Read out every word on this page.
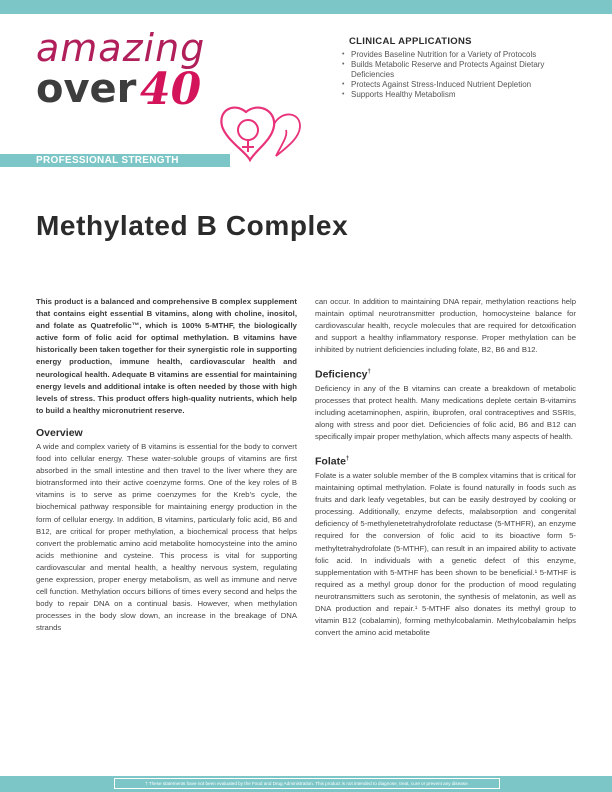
amazing
over 40
PROFESSIONAL STRENGTH
CLINICAL APPLICATIONS
• Provides Baseline Nutrition for a Variety of Protocols
• Builds Metabolic Reserve and Protects Against Dietary Deficiencies
• Protects Against Stress-Induced Nutrient Depletion
• Supports Healthy Metabolism
Methylated B Complex

This product is a balanced and comprehensive B complex supplement that contains eight essential B vitamins, along with choline, inositol, and folate as Quatrefolic™, which is 100% 5-MTHF, the biologically active form of folic acid for optimal methylation. B vitamins have historically been taken together for their synergistic role in supporting energy production, immune health, cardiovascular health and neurological health. Adequate B vitamins are essential for maintaining energy levels and additional intake is often needed by those with high levels of stress. This product offers high-quality nutrients, which help to build a healthy micronutrient reserve.

Overview

A wide and complex variety of B vitamins is essential for the body to convert food into cellular energy. These water-soluble groups of vitamins are first absorbed in the small intestine and then travel to the liver where they are biotransformed into their active coenzyme forms. One of the key roles of B vitamins is to serve as prime coenzymes for the Kreb’s cycle, the biochemical pathway responsible for maintaining energy production in the form of cellular energy. In addition, B vitamins, particularly folic acid, B6 and B12, are critical for proper methylation, a biochemical process that helps convert the problematic amino acid metabolite homocysteine into the amino acids methionine and cysteine. This process is vital for supporting cardiovascular and mental health, a healthy nervous system, regulating gene expression, proper energy metabolism, as well as immune and nerve cell function. Methylation occurs billions of times every second and helps the body to repair DNA on a continual basis. However, when methylation processes in the body slow down, an increase in the breakage of DNA strands

can occur. In addition to maintaining DNA repair, methylation reactions help maintain optimal neurotransmitter production, homocysteine balance for cardiovascular health, recycle molecules that are required for detoxification and support a healthy inflammatory response. Proper methylation can be inhibited by nutrient deficiencies including folate, B2, B6 and B12.

Deficiency†

Deficiency in any of the B vitamins can create a breakdown of metabolic processes that protect health. Many medications deplete certain B-vitamins including acetaminophen, aspirin, ibuprofen, oral contraceptives and SSRIs, along with stress and poor diet. Deficiencies of folic acid, B6 and B12 can specifically impair proper methylation, which affects many aspects of health.

Folate†

Folate is a water soluble member of the B complex vitamins that is critical for maintaining optimal methylation. Folate is found naturally in foods such as fruits and dark leafy vegetables, but can be easily destroyed by cooking or processing. Additionally, enzyme defects, malabsorption and congenital deficiency of 5-methylenetetrahydrofolate reductase (5-MTHFR), an enzyme required for the conversion of folic acid to its bioactive form 5-methyltetrahydrofolate (5-MTHF), can result in an impaired ability to activate folic acid. In individuals with a genetic defect of this enzyme, supplementation with 5-MTHF has been shown to be beneficial.¹ 5-MTHF is required as a methyl group donor for the production of mood regulating neurotransmitters such as serotonin, the synthesis of melatonin, as well as DNA production and repair.¹ 5-MTHF also donates its methyl group to vitamin B12 (cobalamin), forming methylcobalamin. Methylcobalamin helps convert the amino acid metabolite

† These statements have not been evaluated by the Food and Drug Administration. This product is not intended to diagnose, treat, cure or prevent any disease.
